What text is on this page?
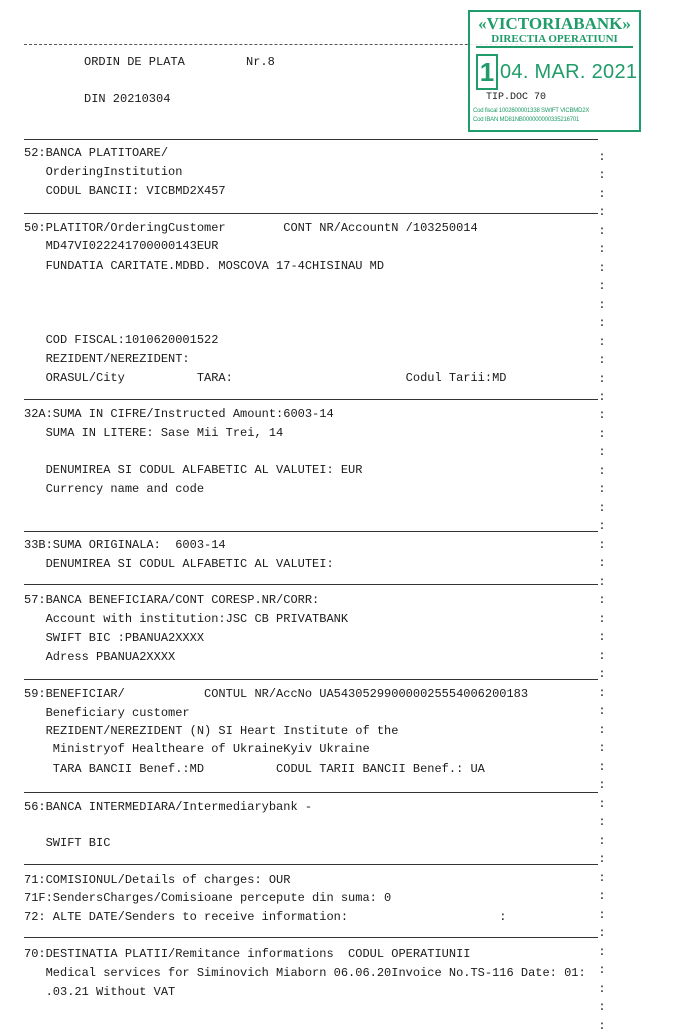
ORDIN DE PLATA	Nr.8
DIN 20210304
«VICTORIABANK»
DIRECTIA OPERATIUNI
1 04. MAR. 2021
TIP.DOC 70
Cod fiscal 1002600001338 SWIFT VICBMD2X
Cod IBAN MD81NB000000000335216701
52:BANCA PLATITOARE/
OrderingInstitution
CODUL BANCII: VICBMD2X457
50:PLATITOR/OrderingCustomer        CONT NR/AccountN /103250014
MD47VI022241700000143EUR
FUNDATIA CARITATE.MDBD. MOSCOVA 17-4CHISINAU MD
COD FISCAL:1010620001522
REZIDENT/NEREZIDENT:
ORASUL/City          TARA:                        Codul Tarii:MD
32A:SUMA IN CIFRE/Instructed Amount:6003-14
SUMA IN LITERE: Sase Mii Trei, 14
DENUMIREA SI CODUL ALFABETIC AL VALUTEI: EUR
Currency name and code
33B:SUMA ORIGINALA:  6003-14
DENUMIREA SI CODUL ALFABETIC AL VALUTEI:
57:BANCA BENEFICIARA/CONT CORESP.NR/CORR:
Account with institution:JSC CB PRIVATBANK
SWIFT BIC :PBANUA2XXXX
Adress PBANUA2XXXX
59:BENEFICIAR/           CONTUL NR/AccNo UA543052990000025554006200183
Beneficiary customer
REZIDENT/NEREZIDENT (N) SI Heart Institute of the
Ministryof Healtheare of UkraineKyiv Ukraine
TARA BANCII Benef.:MD          CODUL TARII BANCII Benef.: UA
56:BANCA INTERMEDIARA/Intermediarybank -
SWIFT BIC
71:COMISIONUL/Details of charges: OUR
71F:SendersCharges/Comisioane percepute din suma: 0
72: ALTE DATE/Senders to receive information:                     :
70:DESTINATIA PLATII/Remitance informations  CODUL OPERATIUNII
Medical services for Siminovich Miaborn 06.06.20Invoice No.TS-116 Date: 01:
.03.21 Without VAT
:
:
:
:
:
:
:
:
:
:
:
:
:
:
:
:
:
:
:
:
:
:
:
:
:
:
:
:
:
:
:
:
:
:
:
:
:
:
:
:
:
:
:
:
:
:
:
:
